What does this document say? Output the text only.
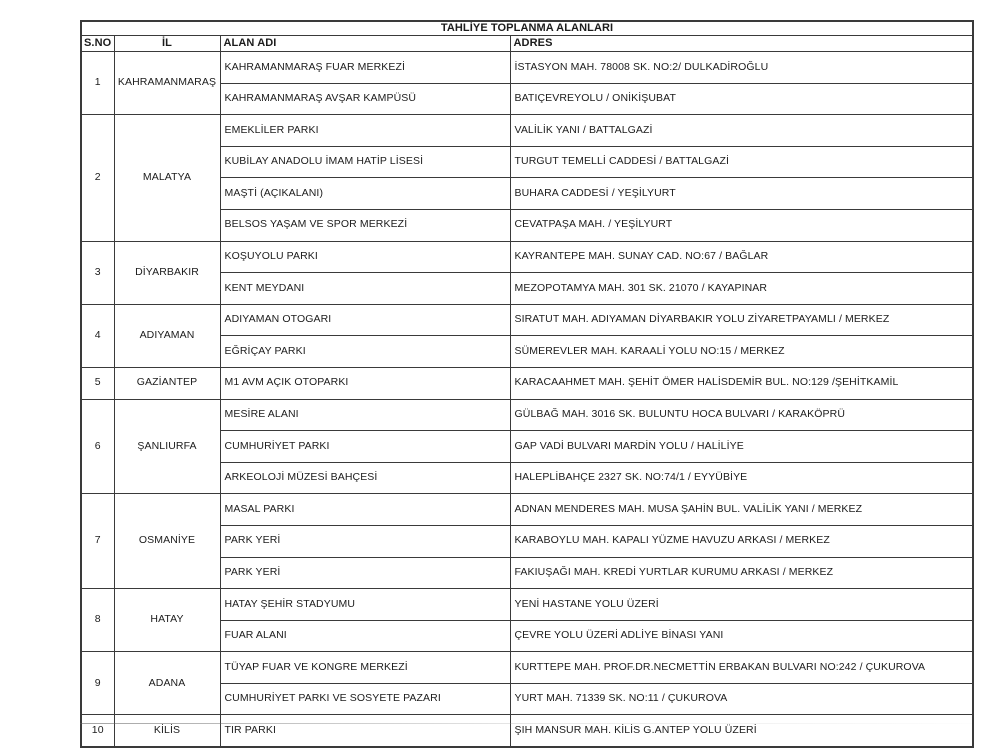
TAHLİYE TOPLANMA ALANLARI			
S.NO	İL	ALAN ADI	ADRES
1	KAHRAMANMARAŞ	KAHRAMANMARAŞ FUAR MERKEZİ	İSTASYON MAH. 78008 SK. NO:2/ DULKADİROĞLU
		KAHRAMANMARAŞ AVŞAR KAMPÜSÜ	BATIÇEVREYOLU / ONİKİŞUBAT
2	MALATYA	EMEKLİLER PARKI	VALİLİK YANI / BATTALGAZİ
		KUBİLAY ANADOLU İMAM HATİP LİSESİ	TURGUT TEMELLİ CADDESİ / BATTALGAZİ
		MAŞTİ (AÇIKALANI)	BUHARA CADDESİ / YEŞİLYURT
		BELSOS YAŞAM VE SPOR MERKEZİ	CEVATPAŞA MAH. / YEŞİLYURT
3	DİYARBAKIR	KOŞUYOLU PARKI	KAYRANTEPE MAH. SUNAY CAD. NO:67 / BAĞLAR
		KENT MEYDANI	MEZOPOTAMYA MAH. 301 SK. 21070 / KAYAPINAR
4	ADIYAMAN	ADIYAMAN OTOGARI	SIRATUT MAH. ADIYAMAN DİYARBAKIR YOLU ZİYARETPAYAMLI / MERKEZ
		EĞRİÇAY PARKI	SÜMEREVLER MAH. KARAALİ YOLU NO:15 / MERKEZ
5	GAZİANTEP	M1 AVM AÇIK OTOPARKI	KARACAAHMET MAH. ŞEHİT ÖMER HALİSDEMİR BUL. NO:129 /ŞEHİTKAMİL
6	ŞANLIURFA	MESİRE ALANI	GÜLBAĞ MAH. 3016 SK. BULUNTU HOCA BULVARI / KARAKÖPRÜ
		CUMHURİYET PARKI	GAP VADİ BULVARI MARDİN YOLU / HALİLİYE
		ARKEOLOJİ MÜZESİ BAHÇESİ	HALEPLİBAHÇE 2327 SK. NO:74/1 / EYYÜBİYE
7	OSMANİYE	MASAL PARKI	ADNAN MENDERES MAH. MUSA ŞAHİN BUL. VALİLİK YANI / MERKEZ
		PARK YERİ	KARABOYLU MAH. KAPALI YÜZME HAVUZU ARKASI / MERKEZ
		PARK YERİ	FAKIUŞAĞI MAH. KREDİ YURTLAR KURUMU ARKASI / MERKEZ
8	HATAY	HATAY ŞEHİR STADYUMU	YENİ HASTANE YOLU ÜZERİ
		FUAR ALANI	ÇEVRE YOLU ÜZERİ ADLİYE BİNASI YANI
9	ADANA	TÜYAP FUAR VE KONGRE MERKEZİ	KURTTEPE MAH. PROF.DR.NECMETTİN ERBAKAN BULVARI NO:242 / ÇUKUROVA
		CUMHURİYET PARKI VE SOSYETE PAZARI	YURT MAH. 71339 SK. NO:11 / ÇUKUROVA
10	KİLİS	TIR PARKI	ŞIH MANSUR MAH. KİLİS G.ANTEP YOLU ÜZERİ
